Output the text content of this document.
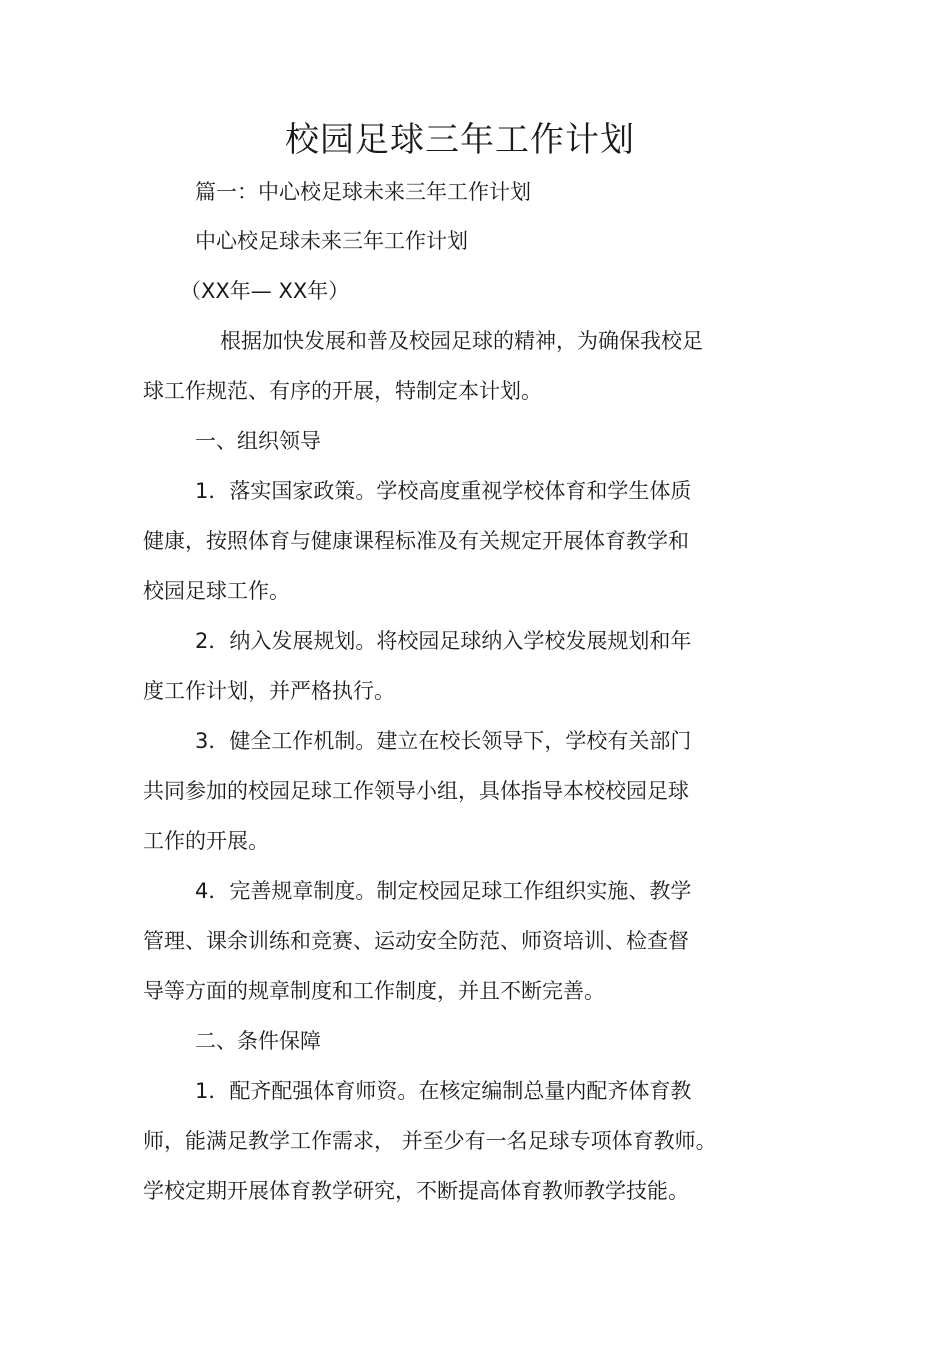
校园足球三年工作计划
篇一：中心校足球未来三年工作计划
中心校足球未来三年工作计划
（XX年— XX年）
根据加快发展和普及校园足球的精神，为确保我校足
球工作规范、有序的开展，特制定本计划。
一、组织领导
1．落实国家政策。学校高度重视学校体育和学生体质
健康，按照体育与健康课程标准及有关规定开展体育教学和
校园足球工作。
2．纳入发展规划。将校园足球纳入学校发展规划和年
度工作计划，并严格执行。
3．健全工作机制。建立在校长领导下，学校有关部门
共同参加的校园足球工作领导小组，具体指导本校校园足球
工作的开展。
4．完善规章制度。制定校园足球工作组织实施、教学
管理、课余训练和竞赛、运动安全防范、师资培训、检查督
导等方面的规章制度和工作制度，并且不断完善。
二、条件保障
1．配齐配强体育师资。在核定编制总量内配齐体育教
师，能满足教学工作需求， 并至少有一名足球专项体育教师。
学校定期开展体育教学研究，不断提高体育教师教学技能。
